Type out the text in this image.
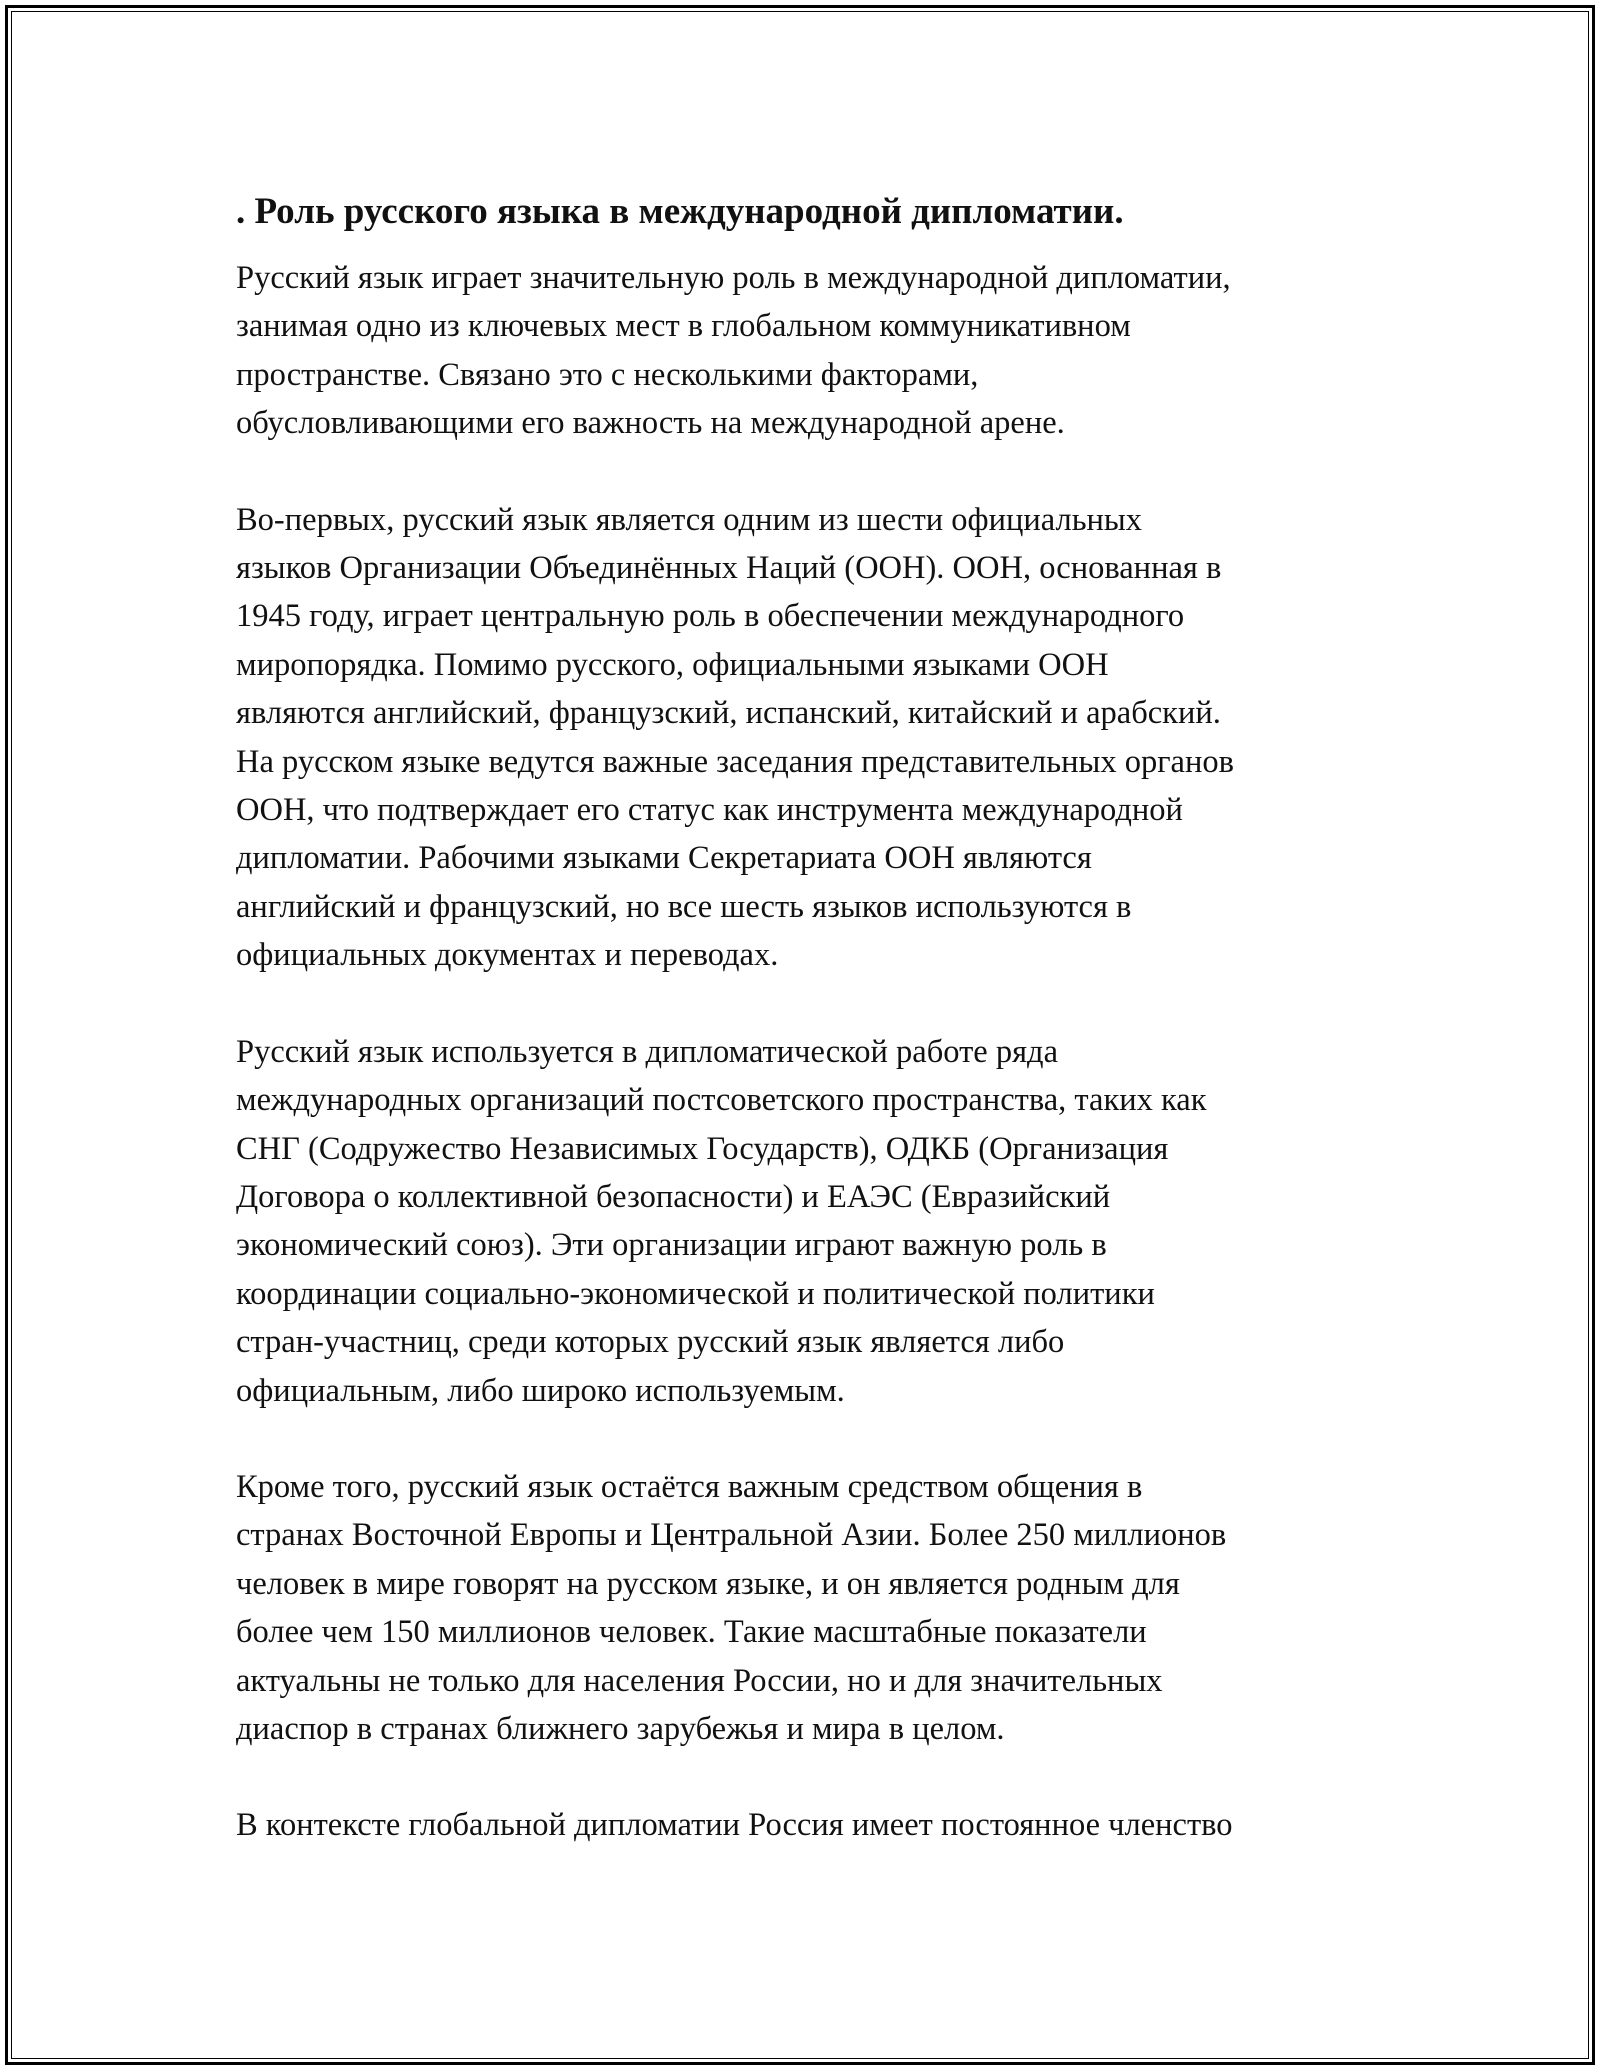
. Роль русского языка в международной дипломатии.

Русский язык играет значительную роль в международной дипломатии,
занимая одно из ключевых мест в глобальном коммуникативном
пространстве. Связано это с несколькими факторами,
обусловливающими его важность на международной арене.

Во-первых, русский язык является одним из шести официальных
языков Организации Объединённых Наций (ООН). ООН, основанная в
1945 году, играет центральную роль в обеспечении международного
миропорядка. Помимо русского, официальными языками ООН
являются английский, французский, испанский, китайский и арабский.
На русском языке ведутся важные заседания представительных органов
ООН, что подтверждает его статус как инструмента международной
дипломатии. Рабочими языками Секретариата ООН являются
английский и французский, но все шесть языков используются в
официальных документах и переводах.

Русский язык используется в дипломатической работе ряда
международных организаций постсоветского пространства, таких как
СНГ (Содружество Независимых Государств), ОДКБ (Организация
Договора о коллективной безопасности) и ЕАЭС (Евразийский
экономический союз). Эти организации играют важную роль в
координации социально-экономической и политической политики
стран-участниц, среди которых русский язык является либо
официальным, либо широко используемым.

Кроме того, русский язык остаётся важным средством общения в
странах Восточной Европы и Центральной Азии. Более 250 миллионов
человек в мире говорят на русском языке, и он является родным для
более чем 150 миллионов человек. Такие масштабные показатели
актуальны не только для населения России, но и для значительных
диаспор в странах ближнего зарубежья и мира в целом.

В контексте глобальной дипломатии Россия имеет постоянное членство
